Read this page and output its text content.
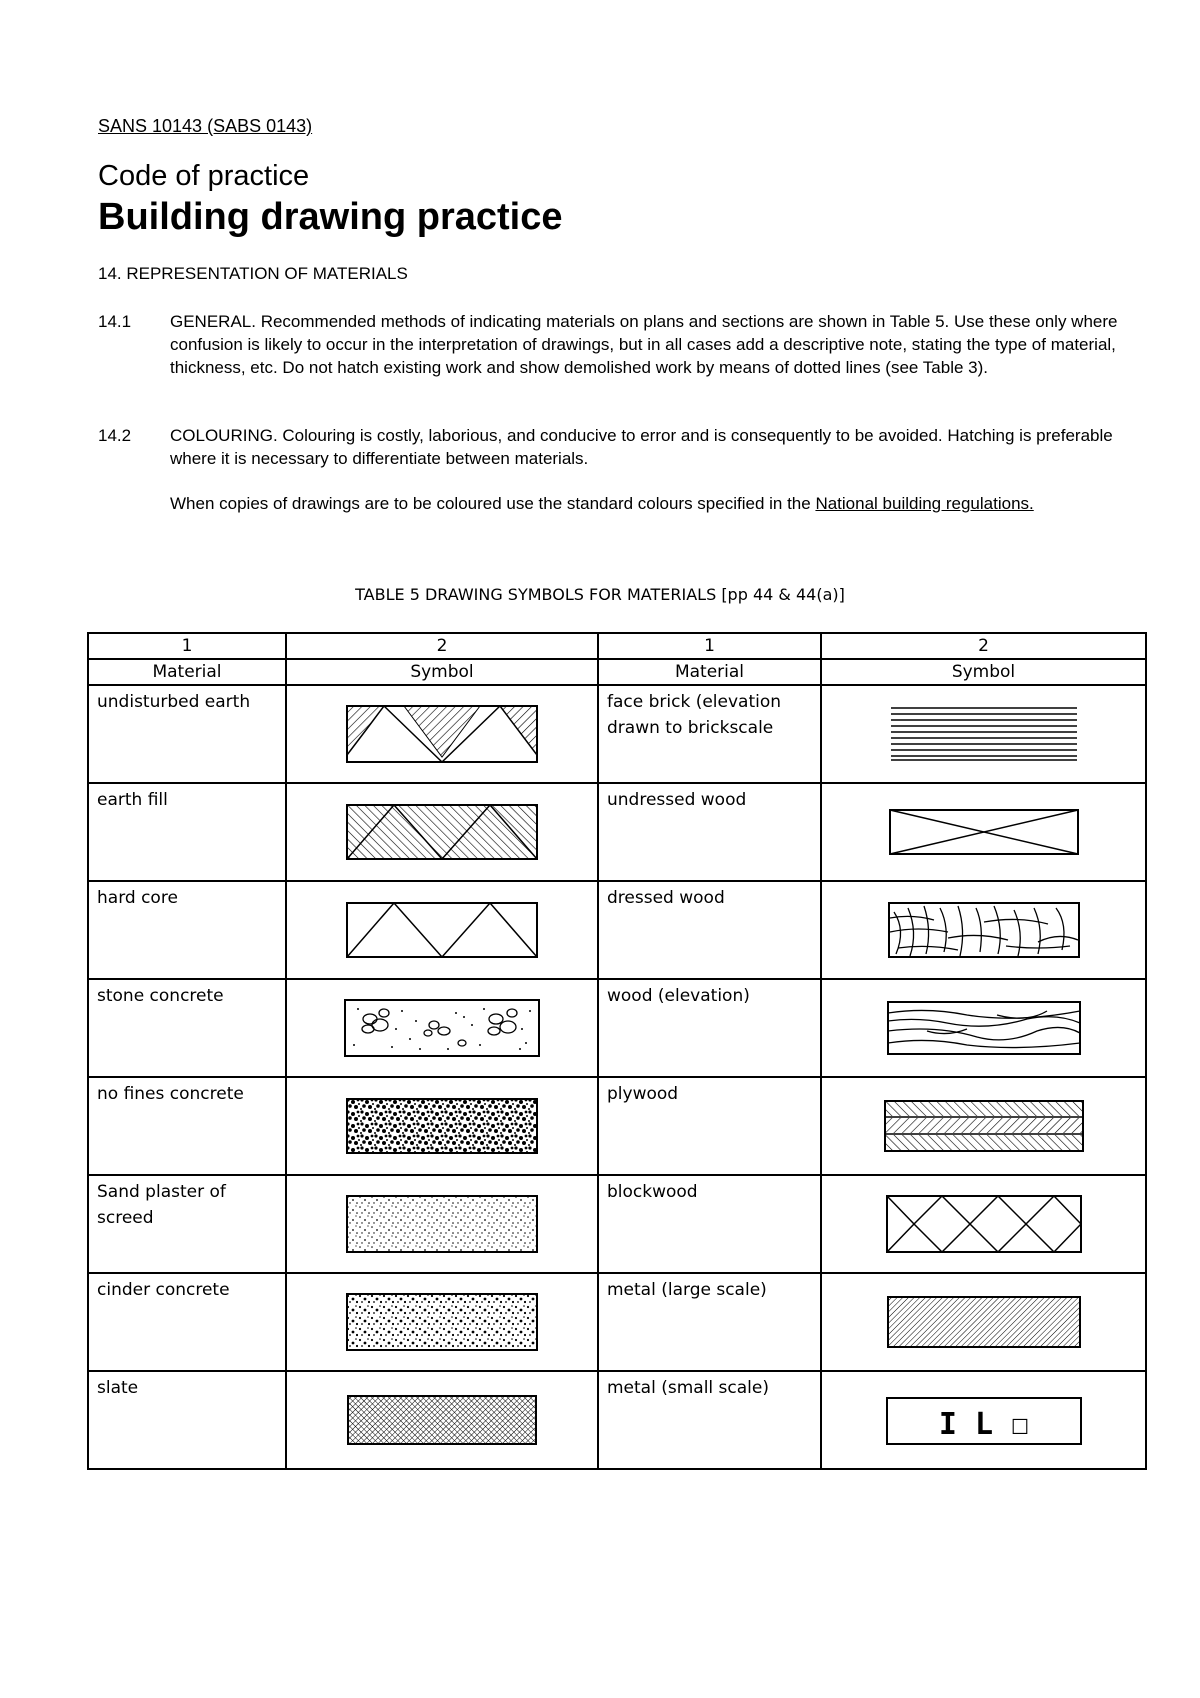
SANS 10143 (SABS 0143)
Code of practice
Building drawing practice
14. REPRESENTATION OF MATERIALS
14.1 GENERAL. Recommended methods of indicating materials on plans and sections are shown in Table 5. Use these only where confusion is likely to occur in the interpretation of drawings, but in all cases add a descriptive note, stating the type of material, thickness, etc. Do not hatch existing work and show demolished work by means of dotted lines (see Table 3).
14.2 COLOURING. Colouring is costly, laborious, and conducive to error and is consequently to be avoided. Hatching is preferable where it is necessary to differentiate between materials.
When copies of drawings are to be coloured use the standard colours specified in the National building regulations.
TABLE 5 DRAWING SYMBOLS FOR MATERIALS [pp 44 & 44(a)]
1	2	1	2
Material	Symbol	Material	Symbol

undisturbed earth		face brick (elevation drawn to brickscale

earth fill		undressed wood

hard core		dressed wood

stone concrete		wood (elevation)

no fines concrete		plywood

Sand plaster of screed		blockwood

cinder concrete		metal (large scale)

slate		metal (small scale)	I L ☐
